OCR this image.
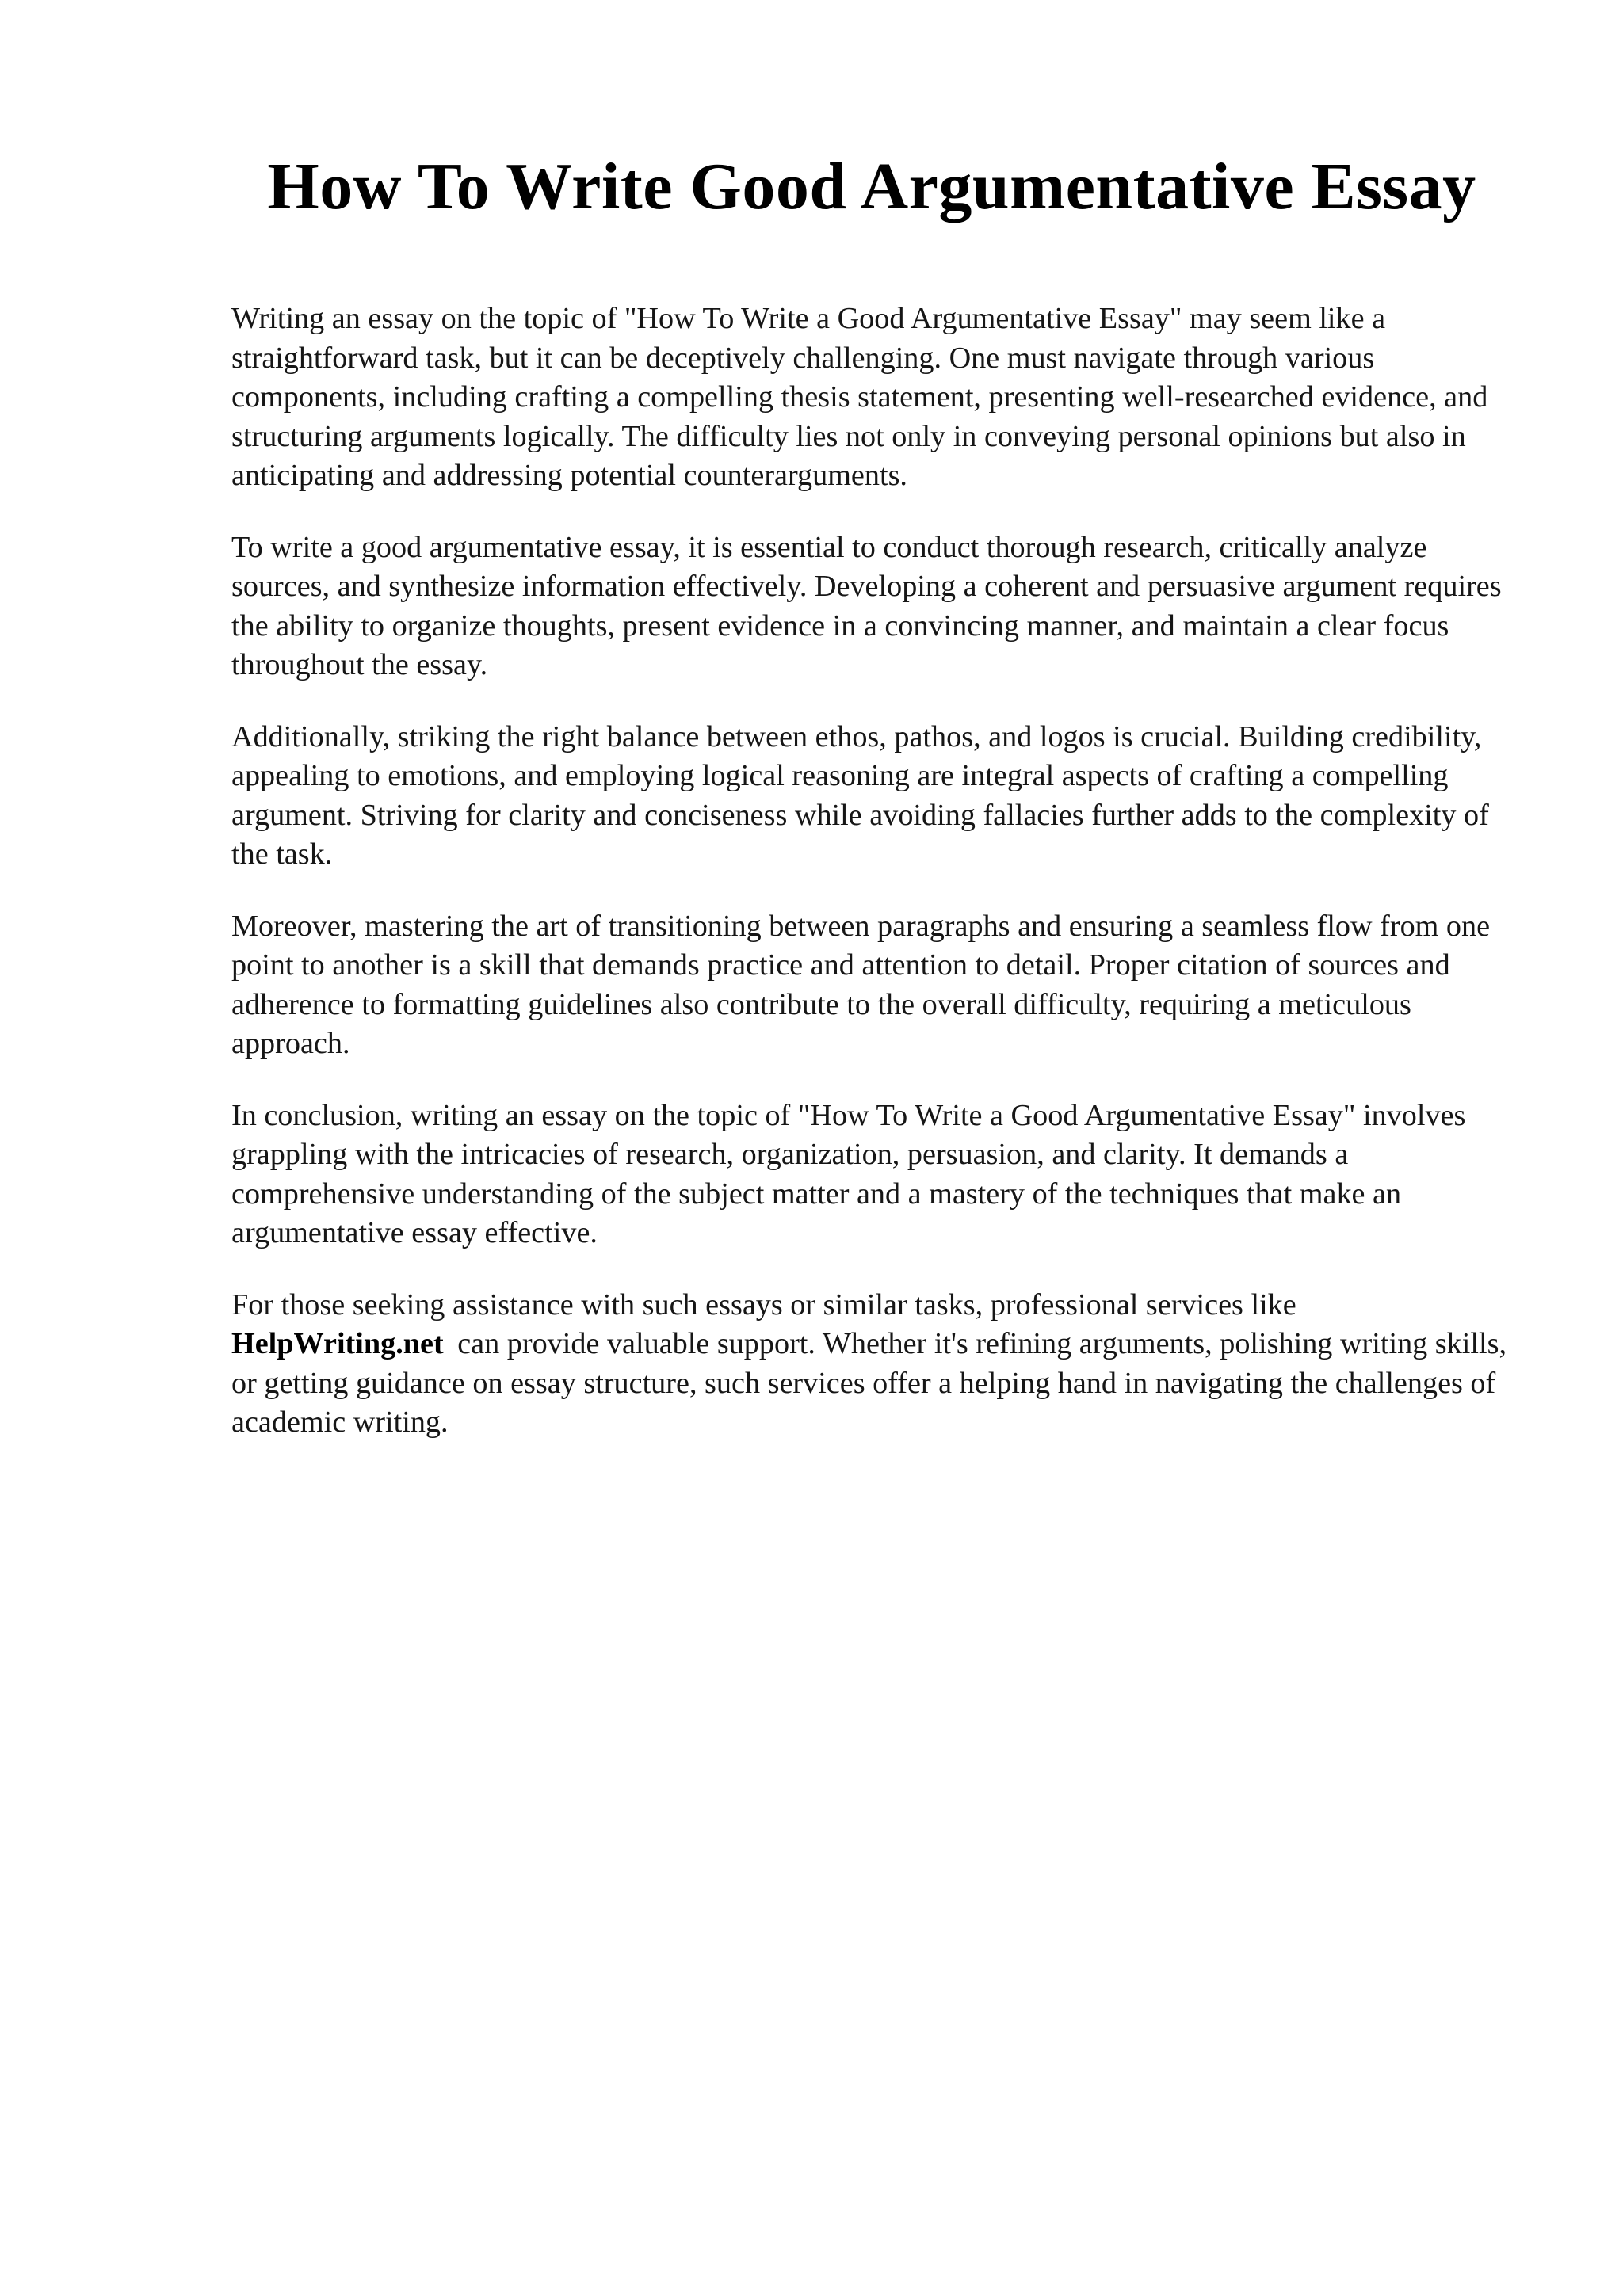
How To Write Good Argumentative Essay

Writing an essay on the topic of "How To Write a Good Argumentative Essay" may seem like a straightforward task, but it can be deceptively challenging. One must navigate through various components, including crafting a compelling thesis statement, presenting well-researched evidence, and structuring arguments logically. The difficulty lies not only in conveying personal opinions but also in anticipating and addressing potential counterarguments.

To write a good argumentative essay, it is essential to conduct thorough research, critically analyze sources, and synthesize information effectively. Developing a coherent and persuasive argument requires the ability to organize thoughts, present evidence in a convincing manner, and maintain a clear focus throughout the essay.

Additionally, striking the right balance between ethos, pathos, and logos is crucial. Building credibility, appealing to emotions, and employing logical reasoning are integral aspects of crafting a compelling argument. Striving for clarity and conciseness while avoiding fallacies further adds to the complexity of the task.

Moreover, mastering the art of transitioning between paragraphs and ensuring a seamless flow from one point to another is a skill that demands practice and attention to detail. Proper citation of sources and adherence to formatting guidelines also contribute to the overall difficulty, requiring a meticulous approach.

In conclusion, writing an essay on the topic of "How To Write a Good Argumentative Essay" involves grappling with the intricacies of research, organization, persuasion, and clarity. It demands a comprehensive understanding of the subject matter and a mastery of the techniques that make an argumentative essay effective.

For those seeking assistance with such essays or similar tasks, professional services like HelpWriting.net can provide valuable support. Whether it's refining arguments, polishing writing skills, or getting guidance on essay structure, such services offer a helping hand in navigating the challenges of academic writing.
